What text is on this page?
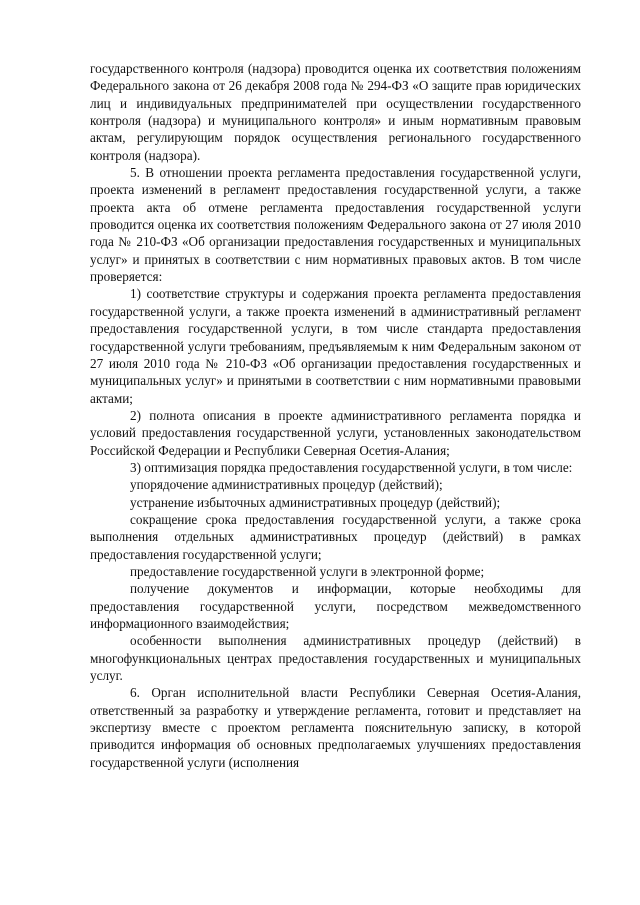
государственного контроля (надзора) проводится оценка их соответствия положениям Федерального закона от 26 декабря 2008 года № 294-ФЗ «О защите прав юридических лиц и индивидуальных предпринимателей при осуществлении государственного контроля (надзора) и муниципального контроля» и иным нормативным правовым актам, регулирующим порядок осуществления регионального государственного контроля (надзора).

5. В отношении проекта регламента предоставления государственной услуги, проекта изменений в регламент предоставления государственной услуги, а также проекта акта об отмене регламента предоставления государственной услуги проводится оценка их соответствия положениям Федерального закона от 27 июля 2010 года № 210-ФЗ «Об организации предоставления государственных и муниципальных услуг» и принятых в соответствии с ним нормативных правовых актов. В том числе проверяется:

1) соответствие структуры и содержания проекта регламента предоставления государственной услуги, а также проекта изменений в административный регламент предоставления государственной услуги, в том числе стандарта предоставления государственной услуги требованиям, предъявляемым к ним Федеральным законом от 27 июля 2010 года № 210-ФЗ «Об организации предоставления государственных и муниципальных услуг» и принятыми в соответствии с ним нормативными правовыми актами;

2) полнота описания в проекте административного регламента порядка и условий предоставления государственной услуги, установленных законодательством Российской Федерации и Республики Северная Осетия-Алания;

3) оптимизация порядка предоставления государственной услуги, в том числе:

упорядочение административных процедур (действий);

устранение избыточных административных процедур (действий);

сокращение срока предоставления государственной услуги, а также срока выполнения отдельных административных процедур (действий) в рамках предоставления государственной услуги;

предоставление государственной услуги в электронной форме;

получение документов и информации, которые необходимы для предоставления государственной услуги, посредством межведомственного информационного взаимодействия;

особенности выполнения административных процедур (действий) в многофункциональных центрах предоставления государственных и муниципальных услуг.

6. Орган исполнительной власти Республики Северная Осетия-Алания, ответственный за разработку и утверждение регламента, готовит и представляет на экспертизу вместе с проектом регламента пояснительную записку, в которой приводится информация об основных предполагаемых улучшениях предоставления государственной услуги (исполнения
